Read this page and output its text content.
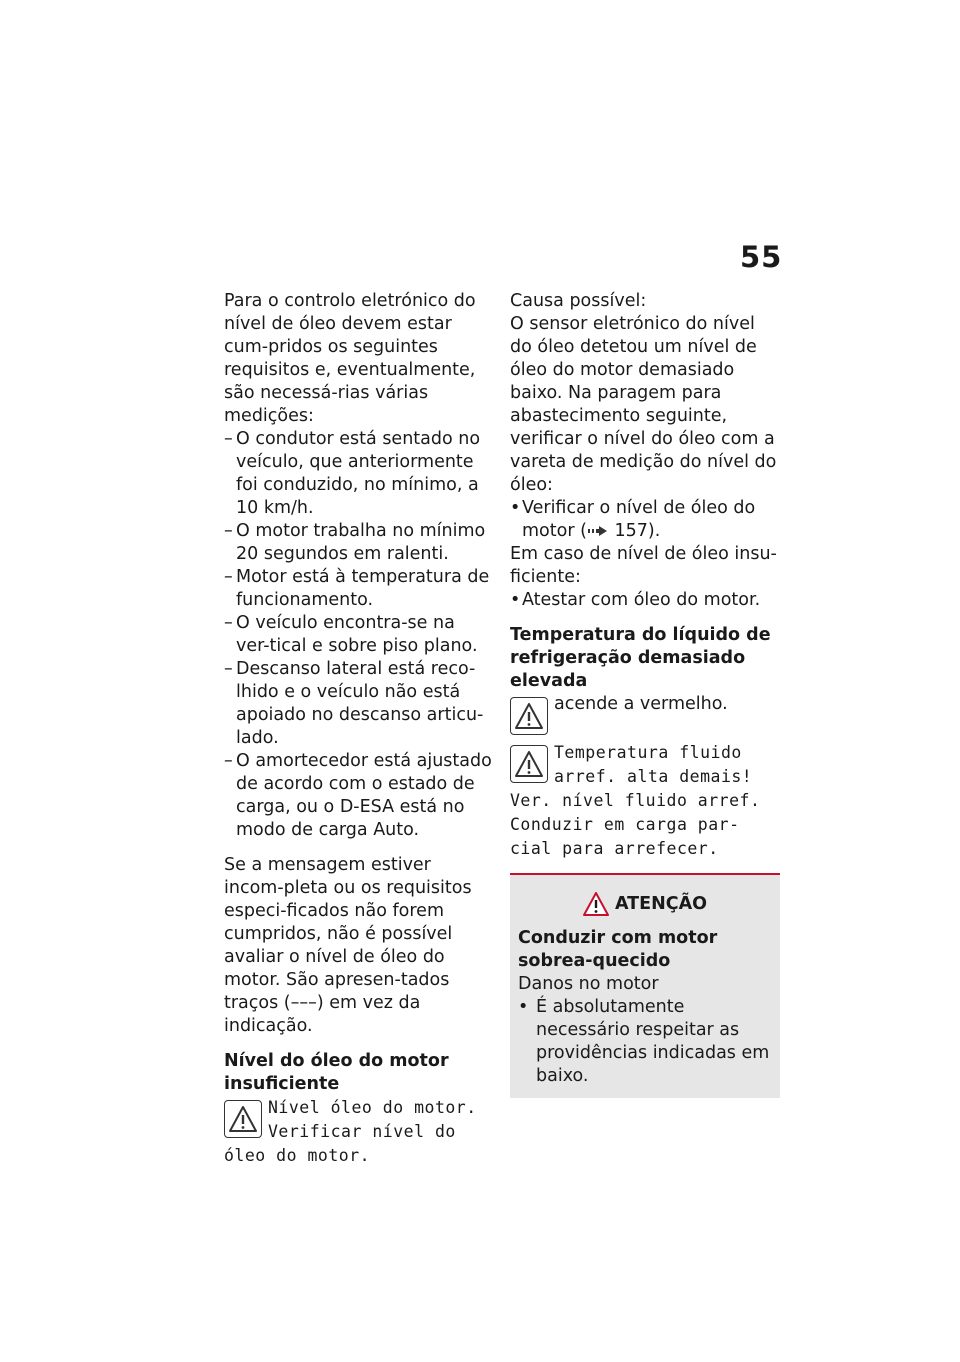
55

Para o controlo eletrónico do nível de óleo devem estar cum-pridos os seguintes requisitos e, eventualmente, são necessá-rias várias medições:

– O condutor está sentado no veículo, que anteriormente foi conduzido, no mínimo, a 10 km/h.
– O motor trabalha no mínimo 20 segundos em ralenti.
– Motor está à temperatura de funcionamento.
– O veículo encontra-se na ver-tical e sobre piso plano.
– Descanso lateral está reco-lhido e o veículo não está apoiado no descanso articu-lado.
– O amortecedor está ajustado de acordo com o estado de carga, ou o D-ESA está no modo de carga Auto.

Se a mensagem estiver incom-pleta ou os requisitos especi-ficados não forem cumpridos, não é possível avaliar o nível de óleo do motor. São apresen-tados traços (–––) em vez da indicação.

Nível do óleo do motor insuficiente
Nível óleo do motor. Verificar nível do óleo do motor.

Causa possível:

O sensor eletrónico do nível do óleo detetou um nível de óleo do motor demasiado baixo. Na paragem para abastecimento seguinte, verificar o nível do óleo com a vareta de medição do nível do óleo:

• Verificar o nível de óleo do motor ( 157).

Em caso de nível de óleo insu-ficiente:

• Atestar com óleo do motor.
Temperatura do líquido de refrigeração demasiado elevada
acende a vermelho.
Temperatura fluido arref. alta demais! Ver. nível fluido arref. Conduzir em carga par-cial para arrefecer.
ATENÇÃO

Conduzir com motor sobrea-quecido

Danos no motor

• É absolutamente necessário respeitar as providências indicadas em baixo.
